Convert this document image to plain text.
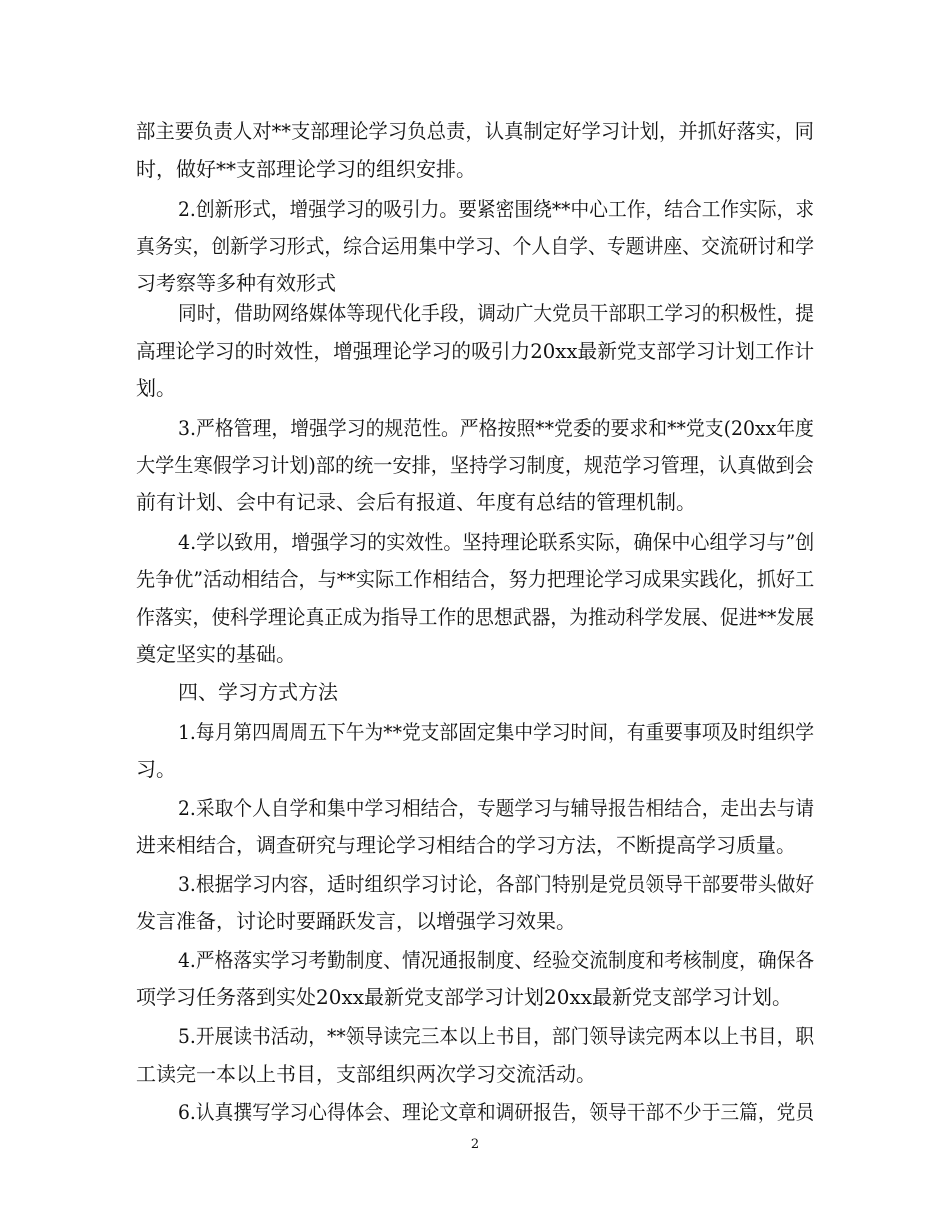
部主要负责人对**支部理论学习负总责，认真制定好学习计划，并抓好落实，同
时，做好**支部理论学习的组织安排。
2.创新形式，增强学习的吸引力。要紧密围绕**中心工作，结合工作实际，求
真务实，创新学习形式，综合运用集中学习、个人自学、专题讲座、交流研讨和学
习考察等多种有效形式
同时，借助网络媒体等现代化手段，调动广大党员干部职工学习的积极性，提
高理论学习的时效性，增强理论学习的吸引力20xx最新党支部学习计划工作计
划。
3.严格管理，增强学习的规范性。严格按照**党委的要求和**党支(20xx年度
大学生寒假学习计划)部的统一安排，坚持学习制度，规范学习管理，认真做到会
前有计划、会中有记录、会后有报道、年度有总结的管理机制。
4.学以致用，增强学习的实效性。坚持理论联系实际，确保中心组学习与”创
先争优”活动相结合，与**实际工作相结合，努力把理论学习成果实践化，抓好工
作落实，使科学理论真正成为指导工作的思想武器，为推动科学发展、促进**发展
奠定坚实的基础。
四、学习方式方法
1.每月第四周周五下午为**党支部固定集中学习时间，有重要事项及时组织学
习。
2.采取个人自学和集中学习相结合，专题学习与辅导报告相结合，走出去与请
进来相结合，调查研究与理论学习相结合的学习方法，不断提高学习质量。
3.根据学习内容，适时组织学习讨论，各部门特别是党员领导干部要带头做好
发言准备，讨论时要踊跃发言，以增强学习效果。
4.严格落实学习考勤制度、情况通报制度、经验交流制度和考核制度，确保各
项学习任务落到实处20xx最新党支部学习计划20xx最新党支部学习计划。
5.开展读书活动，**领导读完三本以上书目，部门领导读完两本以上书目，职
工读完一本以上书目，支部组织两次学习交流活动。
6.认真撰写学习心得体会、理论文章和调研报告，领导干部不少于三篇，党员
2
